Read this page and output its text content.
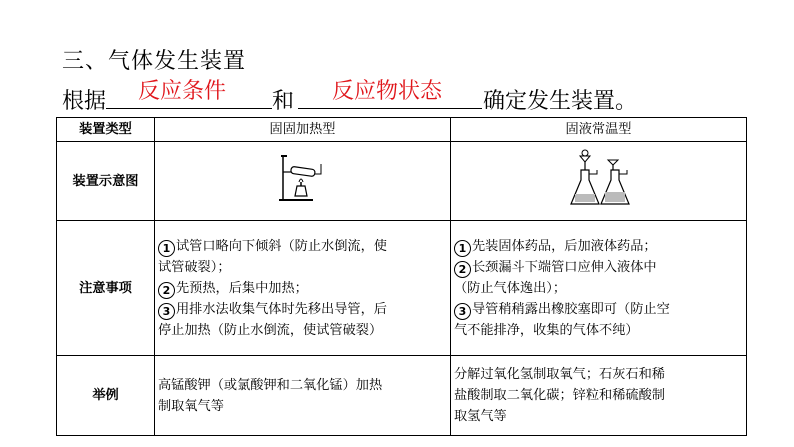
三、气体发生装置
根据 反应条件 和 反应物状态 确定发生装置。
装置类型	固固加热型	固液常温型
装置示意图		
注意事项	1 试管口略向下倾斜（防止水倒流，使
试管破裂）；
2 先预热，后集中加热；
3 用排水法收集气体时先移出导管，后
停止加热（防止水倒流，使试管破裂）	1 先装固体药品，后加液体药品；
2 长颈漏斗下端管口应伸入液体中
（防止气体逸出）；
3 导管稍稍露出橡胶塞即可（防止空
气不能排净，收集的气体不纯）

举例	高锰酸钾（或氯酸钾和二氧化锰）加热
制取氧气等	分解过氧化氢制取氧气；石灰石和稀
盐酸制取二氧化碳；锌粒和稀硫酸制
取氢气等
